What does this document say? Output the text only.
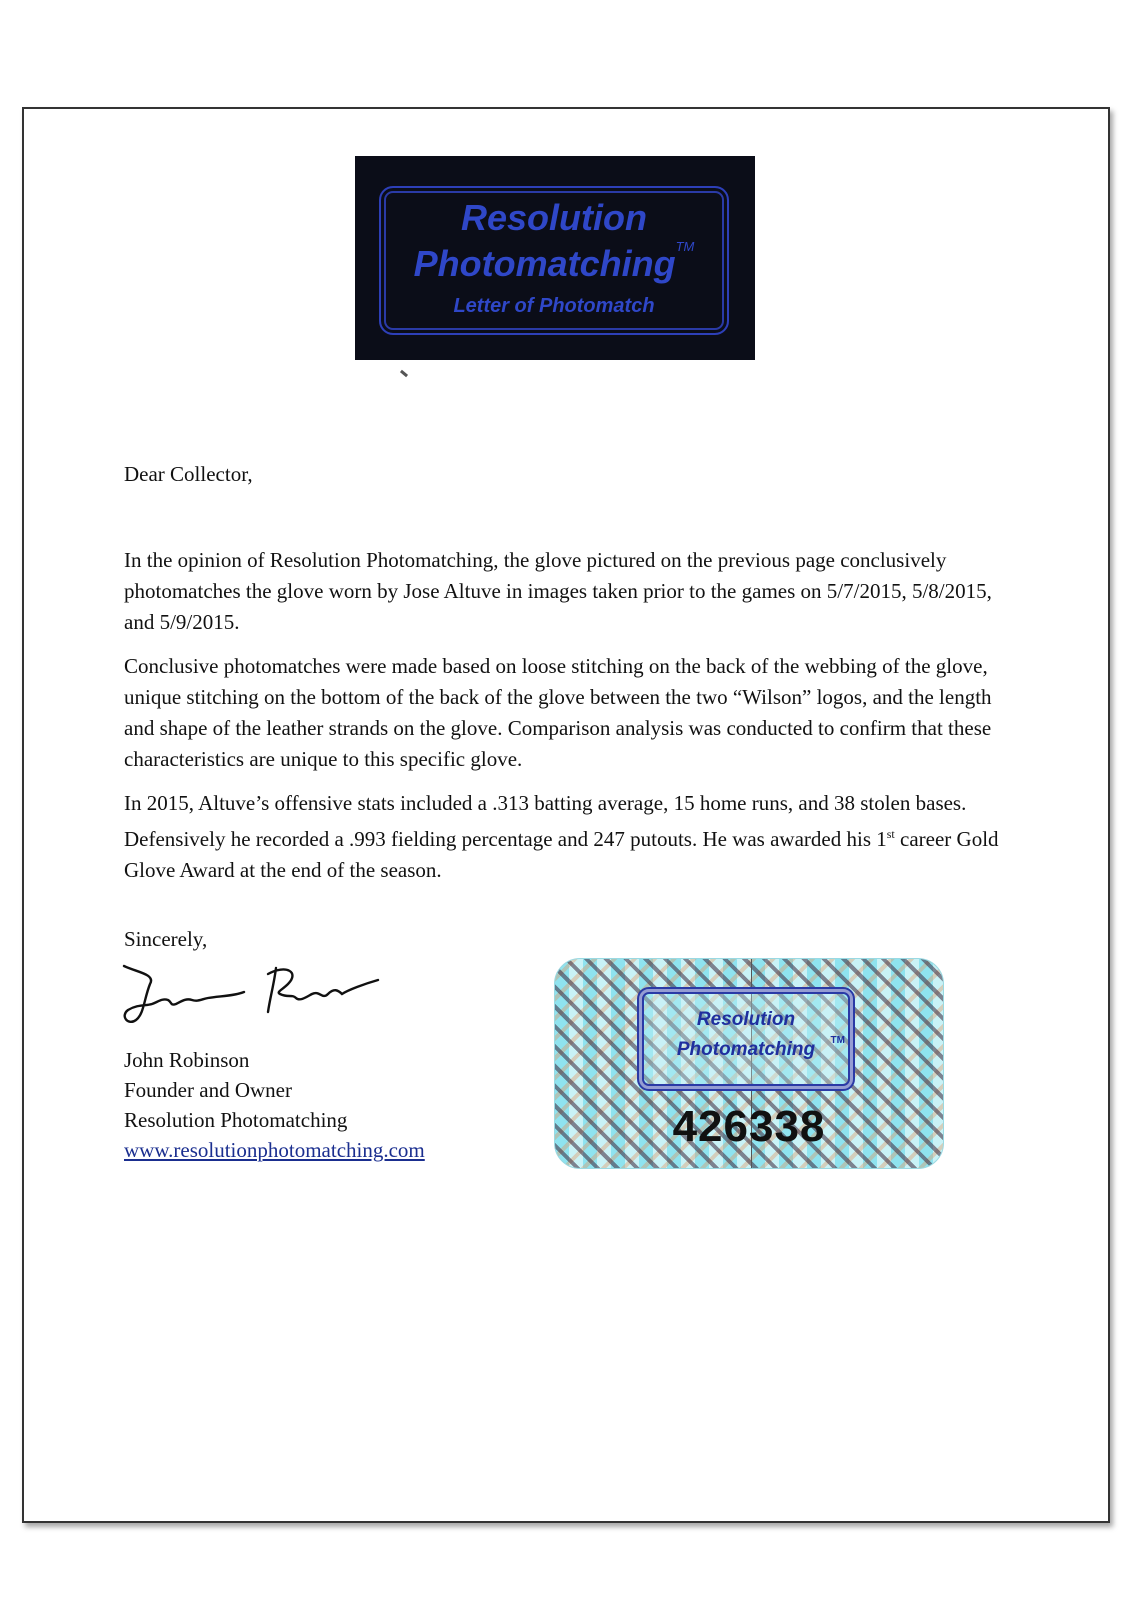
Resolution
Photomatching™
Letter of Photomatch
Dear Collector,
In the opinion of Resolution Photomatching, the glove pictured on the previous page conclusively photomatches the glove worn by Jose Altuve in images taken prior to the games on 5/7/2015, 5/8/2015, and 5/9/2015.
Conclusive photomatches were made based on loose stitching on the back of the webbing of the glove, unique stitching on the bottom of the back of the glove between the two “Wilson” logos, and the length and shape of the leather strands on the glove. Comparison analysis was conducted to confirm that these characteristics are unique to this specific glove.
In 2015, Altuve’s offensive stats included a .313 batting average, 15 home runs, and 38 stolen bases. Defensively he recorded a .993 fielding percentage and 247 putouts. He was awarded his 1st career Gold Glove Award at the end of the season.
Sincerely,
John Robinson
Founder and Owner
Resolution Photomatching
www.resolutionphotomatching.com
Resolution
Photomatching	TM
426338
